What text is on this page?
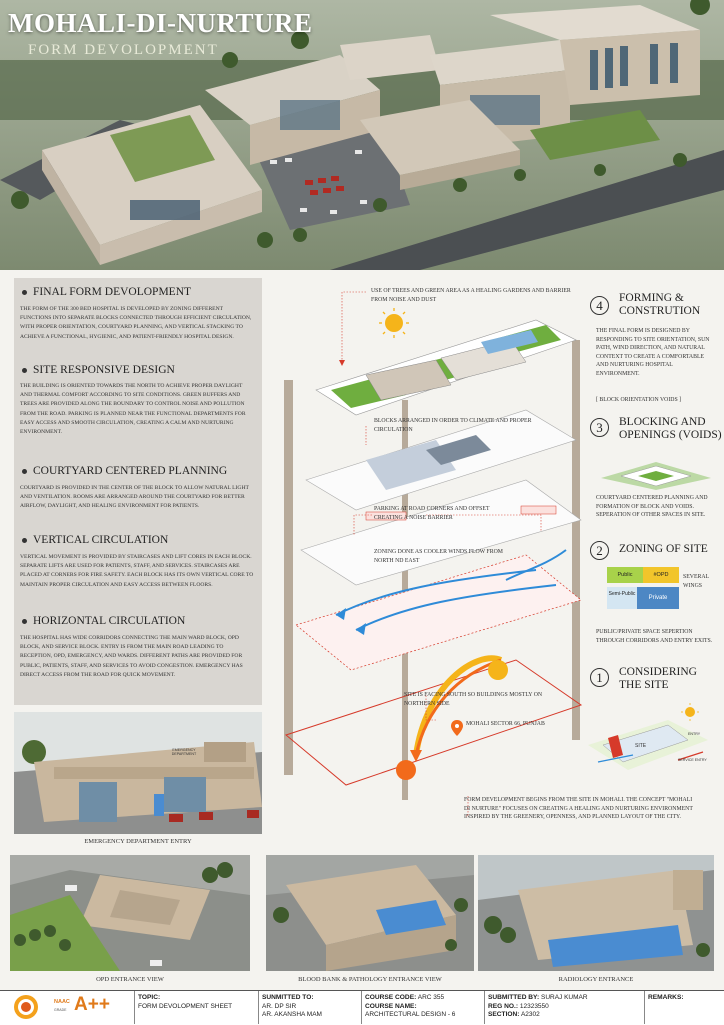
MOHALI-DI-NURTURE
FORM DEVOLOPMENT
FINAL FORM DEVOLOPMENT
THE FORM OF THE 300 BED HOSPITAL IS DEVELOPED BY ZONING DIFFERENT FUNCTIONS INTO SEPARATE BLOCKS CONNECTED THROUGH EFFICIENT CIRCULATION, WITH PROPER ORIENTATION, COURTYARD PLANNING, AND VERTICAL STACKING TO ACHIEVE A FUNCTIONAL, HYGIENIC, AND PATIENT-FRIENDLY HOSPITAL DESIGN.
SITE RESPONSIVE DESIGN
THE BUILDING IS ORIENTED TOWARDS THE NORTH TO ACHIEVE PROPER DAYLIGHT AND THERMAL COMFORT ACCORDING TO SITE CONDITIONS. GREEN BUFFERS AND TREES ARE PROVIDED ALONG THE BOUNDARY TO CONTROL NOISE AND POLLUTION FROM THE ROAD. PARKING IS PLANNED NEAR THE FUNCTIONAL DEPARTMENTS FOR EASY ACCESS AND SMOOTH CIRCULATION, CREATING A CALM AND NURTURING ENVIRONMENT.
COURTYARD CENTERED PLANNING
COURTYARD IS PROVIDED IN THE CENTER OF THE BLOCK TO ALLOW NATURAL LIGHT AND VENTILATION. ROOMS ARE ARRANGED AROUND THE COURTYARD FOR BETTER AIRFLOW, DAYLIGHT, AND HEALING ENVIRONMENT FOR PATIENTS.
VERTICAL CIRCULATION
VERTICAL MOVEMENT IS PROVIDED BY STAIRCASES AND LIFT CORES IN EACH BLOCK. SEPARATE LIFTS ARE USED FOR PATIENTS, STAFF, AND SERVICES. STAIRCASES ARE PLACED AT CORNERS FOR FIRE SAFETY. EACH BLOCK HAS ITS OWN VERTICAL CORE TO MAINTAIN PROPER CIRCULATION AND EASY ACCESS BETWEEN FLOORS.
HORIZONTAL CIRCULATION
THE HOSPITAL HAS WIDE CORRIDORS CONNECTING THE MAIN WARD BLOCK, OPD BLOCK, AND SERVICE BLOCK. ENTRY IS FROM THE MAIN ROAD LEADING TO RECEPTION, OPD, EMERGENCY, AND WARDS. DIFFERENT PATHS ARE PROVIDED FOR PUBLIC, PATIENTS, STAFF, AND SERVICES TO AVOID CONGESTION. EMERGENCY HAS DIRECT ACCESS FROM THE ROAD FOR QUICK MOVEMENT.
EMERGENCY DEPARTMENT
EMERGENCY DEPARTMENT ENTRY
USE OF TREES AND GREEN AREA AS A HEALING GARDENS AND BARRIER FROM NOISE AND DUST
BLOCKS ARRANGED IN ORDER TO CLIMATE AND PROPER CIRCULATION
PARKING AT ROAD CORNERS AND OFFSET CREATING A NOISE BARRIER
ZONING DONE AS COOLER WINDS FLOW FROM NORTH ND EAST
SITE IS FACING SOUTH SO BUILDINGS MOSTLY ON NORTHERN SIDE
MOHALI SECTOR 66, PUNJAB
FORM DEVELOPMENT BEGINS FROM THE SITE IN MOHALI. THE CONCEPT "MOHALI DI NURTURE" FOCUSES ON CREATING A HEALING AND NURTURING ENVIRONMENT INSPIRED BY THE GREENERY, OPENNESS, AND PLANNED LAYOUT OF THE CITY.
4	FORMING & CONSTRUTION
THE FINAL FORM IS DESIGNED BY RESPONDING TO SITE ORIENTATION, SUN PATH, WIND DIRECTION, AND NATURAL CONTEXT TO CREATE A COMFORTABLE AND NURTURING HOSPITAL ENVIRONMENT.
[ BLOCK ORIENTATION VOIDS ]
3	BLOCKING AND OPENINGS (VOIDS)
COURTYARD CENTERED PLANNING AND FORMATION OF BLOCK AND VOIDS. SEPERATION OF OTHER SPACES IN SITE.
2	ZONING OF SITE
Public	#OPD
Semi-Public
Private
SEVERAL WINGS
PUBLIC/PRIVATE SPACE SEPERTION THROUGH CORRIDORS AND ENTRY EXITS.
1	CONSIDERING THE SITE
SITE
ENTRY
SERVICE ENTRY
OPD ENTRANCE VIEW	BLOOD BANK & PATHOLOGY ENTRANCE VIEW	RADIOLOGY ENTRANCE
NAAC
GRADE A++	TOPIC:
FORM DEVOLOPMENT SHEET
SUNMITTED TO:
AR. DP SIR
AR. AKANSHA MAM
COURSE CODE: ARC 355
COURSE NAME:
ARCHITECTURAL DESIGN - 6
SUBMITTED BY: SURAJ KUMAR
REG NO.: 12323550
SECTION: A2302
REMARKS:
